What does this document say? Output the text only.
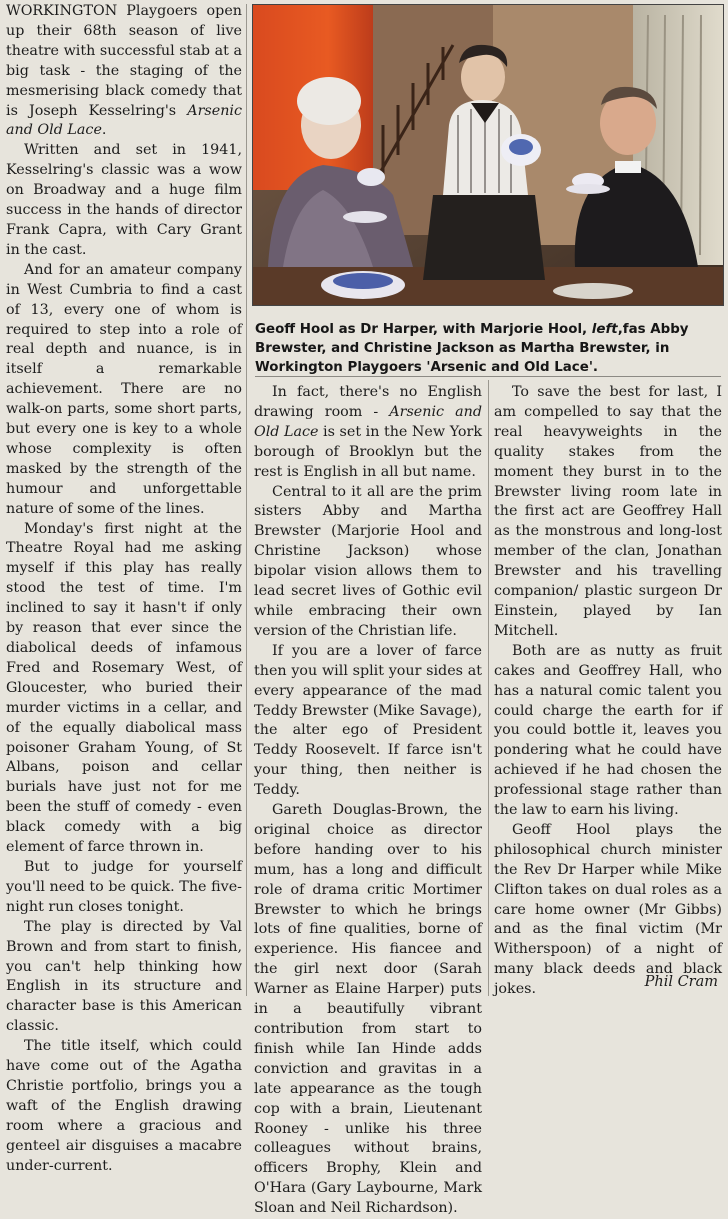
WORKINGTON Playgoers open up their 68th season of live theatre with successful stab at a big task - the staging of the mesmerising black comedy that is Joseph Kesselring's Arsenic and Old Lace.

Written and set in 1941, Kesselring's classic was a wow on Broadway and a huge film success in the hands of director Frank Capra, with Cary Grant in the cast.

And for an amateur company in West Cumbria to find a cast of 13, every one of whom is required to step into a role of real depth and nuance, is in itself a remarkable achievement. There are no walk-on parts, some short parts, but every one is key to a whole whose complexity is often masked by the strength of the humour and unforgettable nature of some of the lines.

Monday's first night at the Theatre Royal had me asking myself if this play has really stood the test of time. I'm inclined to say it hasn't if only by reason that ever since the diabolical deeds of infamous Fred and Rosemary West, of Gloucester, who buried their murder victims in a cellar, and of the equally diabolical mass poisoner Graham Young, of St Albans, poison and cellar burials have just not for me been the stuff of comedy - even black comedy with a big element of farce thrown in.

But to judge for yourself you'll need to be quick. The five-night run closes tonight.

The play is directed by Val Brown and from start to finish, you can't help thinking how English in its structure and character base is this American classic.

The title itself, which could have come out of the Agatha Christie portfolio, brings you a waft of the English drawing room where a gracious and genteel air disguises a macabre under-current.

Geoff Hool as Dr Harper, with Marjorie Hool, left,fas Abby Brewster, and Christine Jackson as Martha Brewster, in Workington Playgoers 'Arsenic and Old Lace'.

In fact, there's no English drawing room - Arsenic and Old Lace is set in the New York borough of Brooklyn but the rest is English in all but name.

Central to it all are the prim sisters Abby and Martha Brewster (Marjorie Hool and Christine Jackson) whose bipolar vision allows them to lead secret lives of Gothic evil while embracing their own version of the Christian life.

If you are a lover of farce then you will split your sides at every appearance of the mad Teddy Brewster (Mike Savage), the alter ego of President Teddy Roosevelt. If farce isn't your thing, then neither is Teddy.

Gareth Douglas-Brown, the original choice as director before handing over to his mum, has a long and difficult role of drama critic Mortimer Brewster to which he brings lots of fine qualities, borne of experience. His fiancee and the girl next door (Sarah Warner as Elaine Harper) puts in a beautifully vibrant contribution from start to finish while Ian Hinde adds conviction and gravitas in a late appearance as the tough cop with a brain, Lieutenant Rooney - unlike his three colleagues without brains, officers Brophy, Klein and O'Hara (Gary Laybourne, Mark Sloan and Neil Richardson).

To save the best for last, I am compelled to say that the real heavyweights in the quality stakes from the moment they burst in to the Brewster living room late in the first act are Geoffrey Hall as the monstrous and long-lost member of the clan, Jonathan Brewster and his travelling companion/ plastic surgeon Dr Einstein, played by Ian Mitchell.

Both are as nutty as fruit cakes and Geoffrey Hall, who has a natural comic talent you could charge the earth for if you could bottle it, leaves you pondering what he could have achieved if he had chosen the professional stage rather than the law to earn his living.

Geoff Hool plays the philosophical church minister the Rev Dr Harper while Mike Clifton takes on dual roles as a care home owner (Mr Gibbs) and as the final victim (Mr Witherspoon) of a night of many black deeds and black jokes.	Phil Cram
